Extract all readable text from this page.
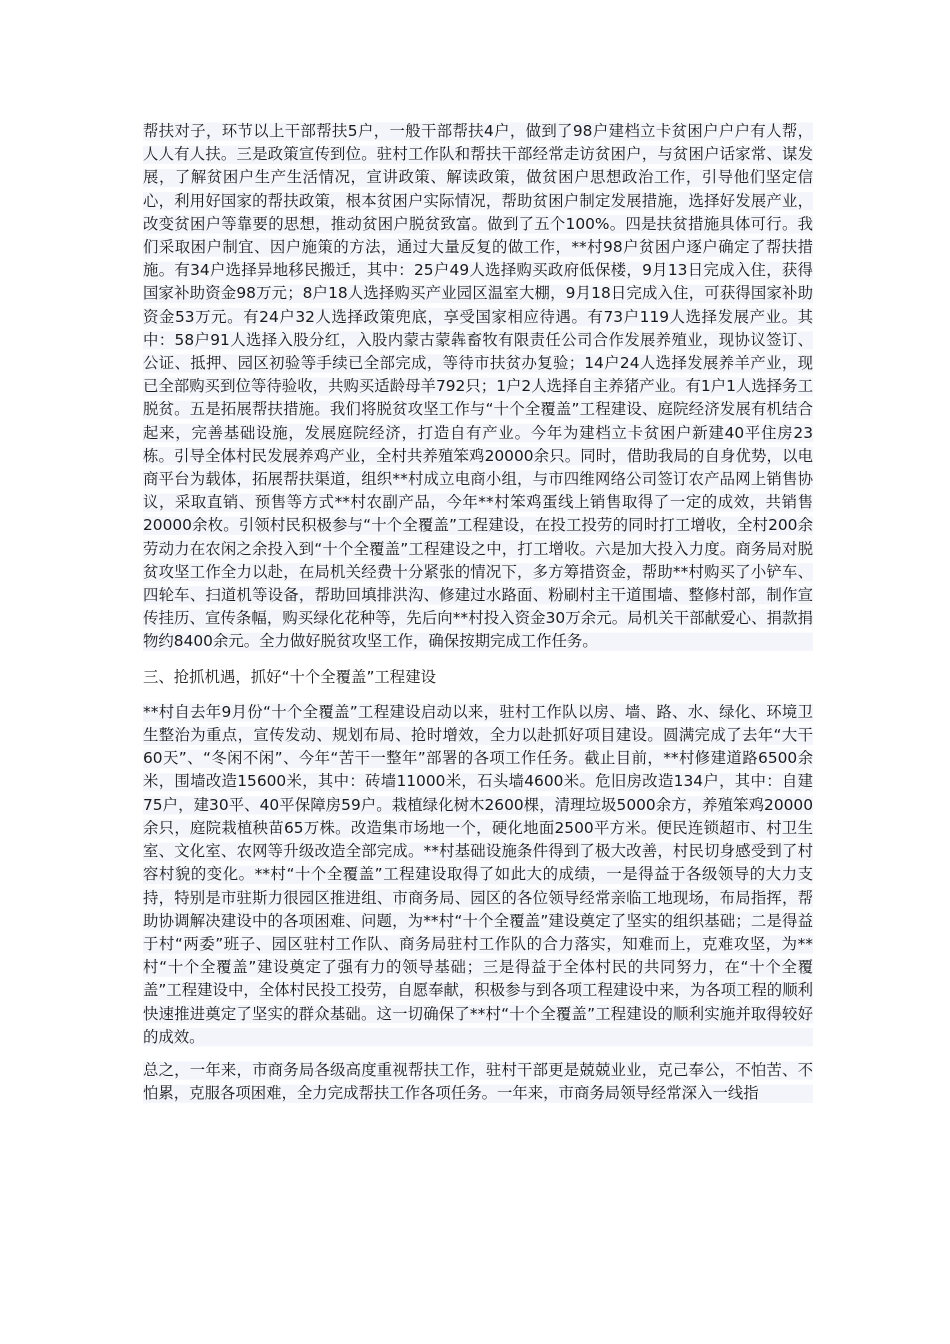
帮扶对子，环节以上干部帮扶5户，一般干部帮扶4户，做到了98户建档立卡贫困户户户有人帮，人人有人扶。三是政策宣传到位。驻村工作队和帮扶干部经常走访贫困户，与贫困户话家常、谋发展，了解贫困户生产生活情况，宣讲政策、解读政策，做贫困户思想政治工作，引导他们坚定信心，利用好国家的帮扶政策，根本贫困户实际情况，帮助贫困户制定发展措施，选择好发展产业，改变贫困户等靠要的思想，推动贫困户脱贫致富。做到了五个100%。四是扶贫措施具体可行。我们采取困户制宜、因户施策的方法，通过大量反复的做工作，**村98户贫困户逐户确定了帮扶措施。有34户选择异地移民搬迁，其中：25户49人选择购买政府低保楼，9月13日完成入住，获得国家补助资金98万元；8户18人选择购买产业园区温室大棚，9月18日完成入住，可获得国家补助资金53万元。有24户32人选择政策兜底，享受国家相应待遇。有73户119人选择发展产业。其中：58户91人选择入股分红，入股内蒙古蒙犇畜牧有限责任公司合作发展养殖业，现协议签订、公证、抵押、园区初验等手续已全部完成，等待市扶贫办复验；14户24人选择发展养羊产业，现已全部购买到位等待验收，共购买适龄母羊792只；1户2人选择自主养猪产业。有1户1人选择务工脱贫。五是拓展帮扶措施。我们将脱贫攻坚工作与“十个全覆盖”工程建设、庭院经济发展有机结合起来，完善基础设施，发展庭院经济，打造自有产业。今年为建档立卡贫困户新建40平住房23栋。引导全体村民发展养鸡产业，全村共养殖笨鸡20000余只。同时，借助我局的自身优势，以电商平台为载体，拓展帮扶渠道，组织**村成立电商小组，与市四维网络公司签订农产品网上销售协议，采取直销、预售等方式**村农副产品，今年**村笨鸡蛋线上销售取得了一定的成效，共销售20000余枚。引领村民积极参与“十个全覆盖”工程建设，在投工投劳的同时打工增收，全村200余劳动力在农闲之余投入到“十个全覆盖”工程建设之中，打工增收。六是加大投入力度。商务局对脱贫攻坚工作全力以赴，在局机关经费十分紧张的情况下，多方筹措资金，帮助**村购买了小铲车、四轮车、扫道机等设备，帮助回填排洪沟、修建过水路面、粉刷村主干道围墙、整修村部，制作宣传挂历、宣传条幅，购买绿化花种等，先后向**村投入资金30万余元。局机关干部献爱心、捐款捐物约8400余元。全力做好脱贫攻坚工作，确保按期完成工作任务。

三、抢抓机遇，抓好“十个全覆盖”工程建设

**村自去年9月份“十个全覆盖”工程建设启动以来，驻村工作队以房、墙、路、水、绿化、环境卫生整治为重点，宣传发动、规划布局、抢时增效，全力以赴抓好项目建设。圆满完成了去年“大干60天”、“冬闲不闲”、今年“苦干一整年”部署的各项工作任务。截止目前，**村修建道路6500余米，围墙改造15600米，其中：砖墙11000米，石头墙4600米。危旧房改造134户，其中：自建75户，建30平、40平保障房59户。栽植绿化树木2600棵，清理垃圾5000余方，养殖笨鸡20000余只，庭院栽植秧苗65万株。改造集市场地一个，硬化地面2500平方米。便民连锁超市、村卫生室、文化室、农网等升级改造全部完成。**村基础设施条件得到了极大改善，村民切身感受到了村容村貌的变化。**村“十个全覆盖”工程建设取得了如此大的成绩，一是得益于各级领导的大力支持，特别是市驻斯力很园区推进组、市商务局、园区的各位领导经常亲临工地现场，布局指挥，帮助协调解决建设中的各项困难、问题，为**村“十个全覆盖”建设奠定了坚实的组织基础；二是得益于村“两委”班子、园区驻村工作队、商务局驻村工作队的合力落实，知难而上，克难攻坚，为**村“十个全覆盖”建设奠定了强有力的领导基础；三是得益于全体村民的共同努力，在“十个全覆盖”工程建设中，全体村民投工投劳，自愿奉献，积极参与到各项工程建设中来，为各项工程的顺利快速推进奠定了坚实的群众基础。这一切确保了**村“十个全覆盖”工程建设的顺利实施并取得较好的成效。

总之，一年来，市商务局各级高度重视帮扶工作，驻村干部更是兢兢业业，克己奉公，不怕苦、不怕累，克服各项困难，全力完成帮扶工作各项任务。一年来，市商务局领导经常深入一线指
